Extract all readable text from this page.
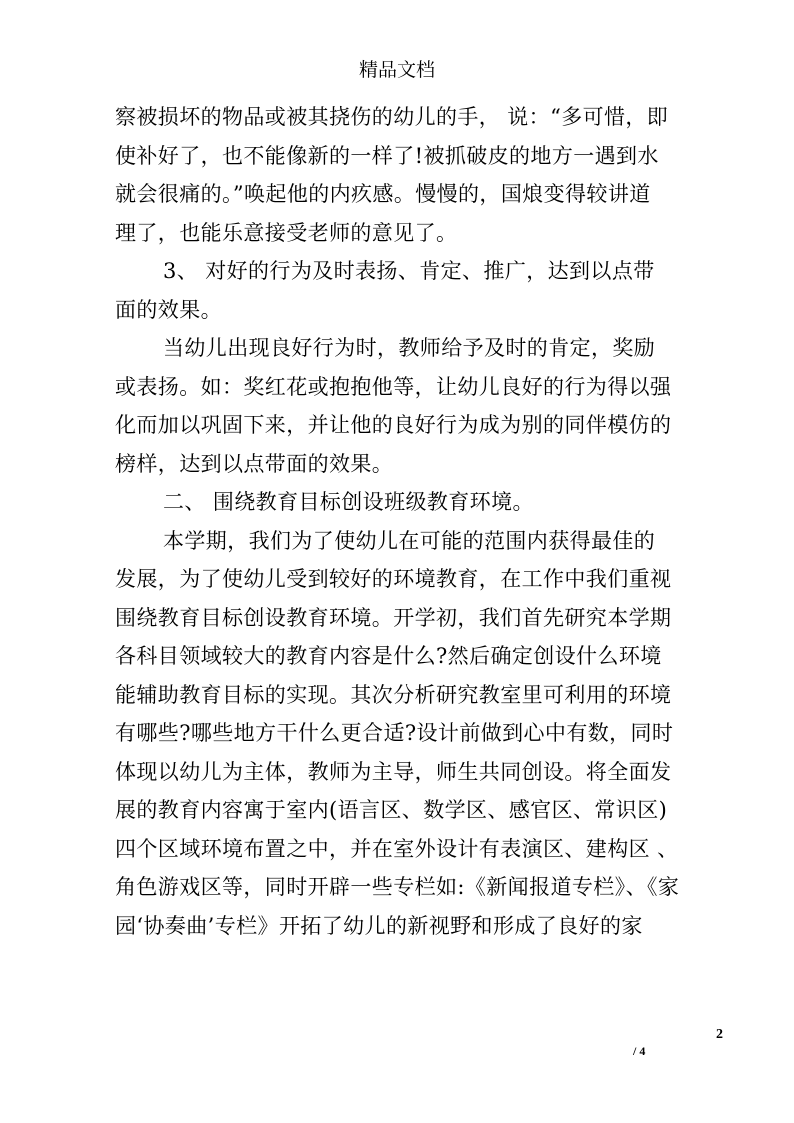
精品文档
察被损坏的物品或被其挠伤的幼儿的手， 说：“多可惜，即
使补好了，也不能像新的一样了!被抓破皮的地方一遇到水
就会很痛的。”唤起他的内疚感。慢慢的，国烺变得较讲道
理了，也能乐意接受老师的意见了。
3、 对好的行为及时表扬、肯定、推广，达到以点带
面的效果。
当幼儿出现良好行为时，教师给予及时的肯定，奖励
或表扬。如：奖红花或抱抱他等，让幼儿良好的行为得以强
化而加以巩固下来，并让他的良好行为成为别的同伴模仿的
榜样，达到以点带面的效果。
二、 围绕教育目标创设班级教育环境。
本学期，我们为了使幼儿在可能的范围内获得最佳的
发展，为了使幼儿受到较好的环境教育，在工作中我们重视
围绕教育目标创设教育环境。开学初，我们首先研究本学期
各科目领域较大的教育内容是什么?然后确定创设什么环境
能辅助教育目标的实现。其次分析研究教室里可利用的环境
有哪些?哪些地方干什么更合适?设计前做到心中有数，同时
体现以幼儿为主体，教师为主导，师生共同创设。将全面发
展的教育内容寓于室内(语言区、数学区、感官区、常识区)
四个区域环境布置之中，并在室外设计有表演区、建构区 、
角色游戏区等，同时开辟一些专栏如:《新闻报道专栏》、《家
园‘协奏曲’专栏》开拓了幼儿的新视野和形成了良好的家
2
/ 4
